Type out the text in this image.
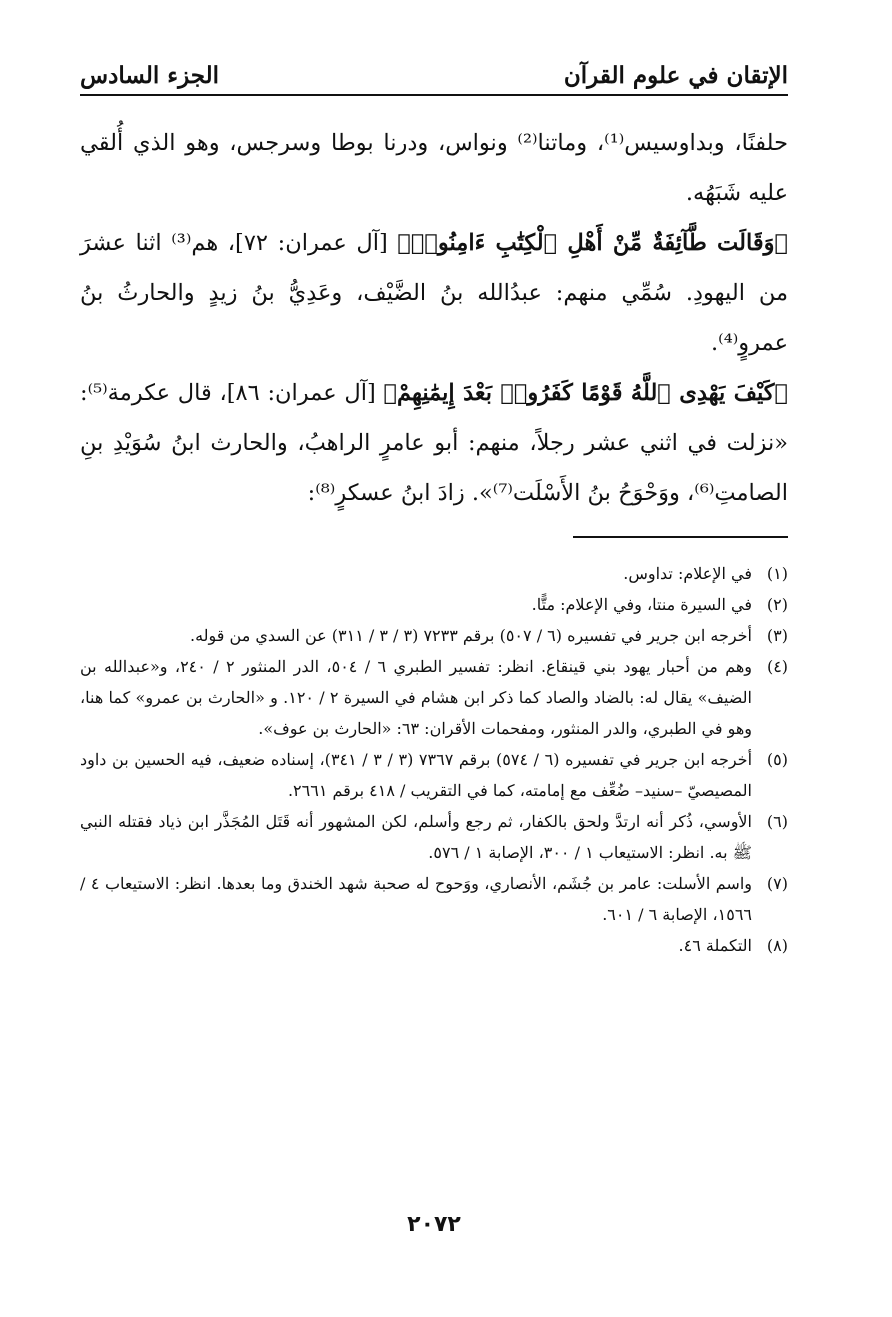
الإتقان في علوم القرآن
الجزء السادس

حلفنًا، وبداوسيس⁽¹⁾، وماتنا⁽²⁾ ونواس، ودرنا بوطا وسرجس، وهو الذي أُلقي عليه شَبَهُه.

﴿وَقَالَت طَّآئِفَةٌ مِّنْ أَهْلِ ٱلْكِتَٰبِ ءَامِنُوا۟﴾ [آل عمران: ٧٢]، هم⁽³⁾ اثنا عشرَ من اليهودِ. سُمِّي منهم: عبدُالله بنُ الضَّيْف، وعَدِيُّ بنُ زيدٍ والحارثُ بنُ عمروٍ⁽⁴⁾.

﴿كَيْفَ يَهْدِى ٱللَّهُ قَوْمًا كَفَرُوا۟ بَعْدَ إِيمَٰنِهِمْ﴾ [آل عمران: ٨٦]، قال عكرمة⁽⁵⁾: «نزلت في اثني عشر رجلاً، منهم: أبو عامرٍ الراهبُ، والحارث ابنُ سُوَيْدِ بنِ الصامتِ⁽⁶⁾، ووَحْوَحُ بنُ الأَسْلَت⁽⁷⁾». زادَ ابنُ عسكرٍ⁽⁸⁾:

(١)في الإعلام: تداوس.

(٢)في السيرة منتا، وفي الإعلام: متًّا.

(٣)أخرجه ابن جرير في تفسيره (٦ / ٥٠٧) برقم ٧٢٣٣ (٣ / ٣ / ٣١١) عن السدي من قوله.

(٤)وهم من أحبار يهود بني قينقاع. انظر: تفسير الطبري ٦ / ٥٠٤، الدر المنثور ٢ / ٢٤٠، و«عبدالله بن الضيف» يقال له: بالضاد والصاد كما ذكر ابن هشام في السيرة ٢ / ١٢٠. و «الحارث بن عمرو» كما هنا، وهو في الطبري، والدر المنثور، ومفحمات الأقران: ٦٣: «الحارث بن عوف».

(٥)أخرجه ابن جرير في تفسيره (٦ / ٥٧٤) برقم ٧٣٦٧ (٣ / ٣ / ٣٤١)، إسناده ضعيف، فيه الحسين بن داود المصيصيّ –سنيد– ضُعِّف مع إمامته، كما في التقريب / ٤١٨ برقم ٢٦٦١.

(٦)الأوسي، ذُكر أنه ارتدَّ ولحق بالكفار، ثم رجع وأسلم، لكن المشهور أنه قَتَل المُجَذَّر ابن ذياد فقتله النبي ﷺ به. انظر: الاستيعاب ١ / ٣٠٠، الإصابة ١ / ٥٧٦.

(٧)واسم الأسلت: عامر بن جُشَم، الأنصاري، ووَحوح له صحبة شهد الخندق وما بعدها. انظر: الاستيعاب ٤ / ١٥٦٦، الإصابة ٦ / ٦٠١.

(٨)التكملة ٤٦.

٢٠٧٢
